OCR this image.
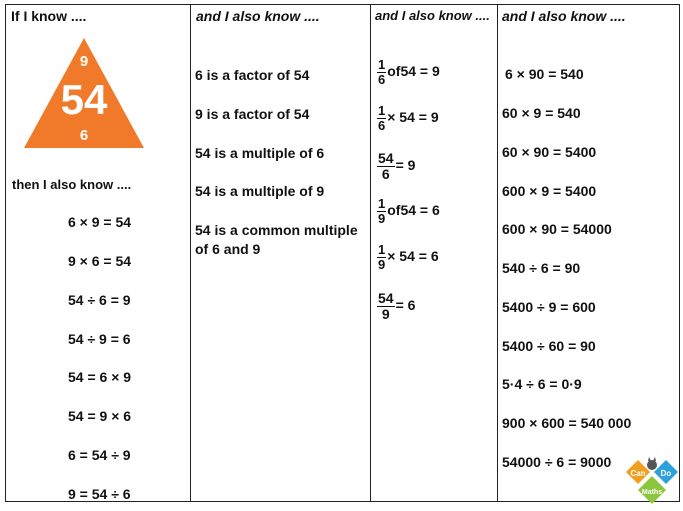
If I know ....
9
54
6
then I also know ....
6 × 9 = 54
9 × 6 = 54
54 ÷ 6 = 9
54 ÷ 9 = 6
54 = 6 × 9
54 = 9 × 6
6 = 54 ÷ 9
9 = 54 ÷ 6
and I also know ....
6 is a factor of 54
9 is a factor of 54
54 is a multiple of 6
54 is a multiple of 9
54 is a common multiple
of 6 and 9
and I also know ....
$\frac{1}{6} of54 = 9$
$\frac{1}{6} \times 54 = 9$
$\frac{54}{6} = 9$
$\frac{1}{9} of54 = 6$
$\frac{1}{9} \times 54 = 6$
$\frac{54}{9} = 6$
and I also know ....
6 × 90 = 540
60 × 9 = 540
60 × 90 = 5400
600 × 9 = 5400
600 × 90 = 54000
540 ÷ 6 = 90
5400 ÷ 9 = 600
5400 ÷ 60 = 90
5·4 ÷ 6 = 0·9
900 × 600 = 540 000
54000 ÷ 6 = 9000
Can Do
Maths
